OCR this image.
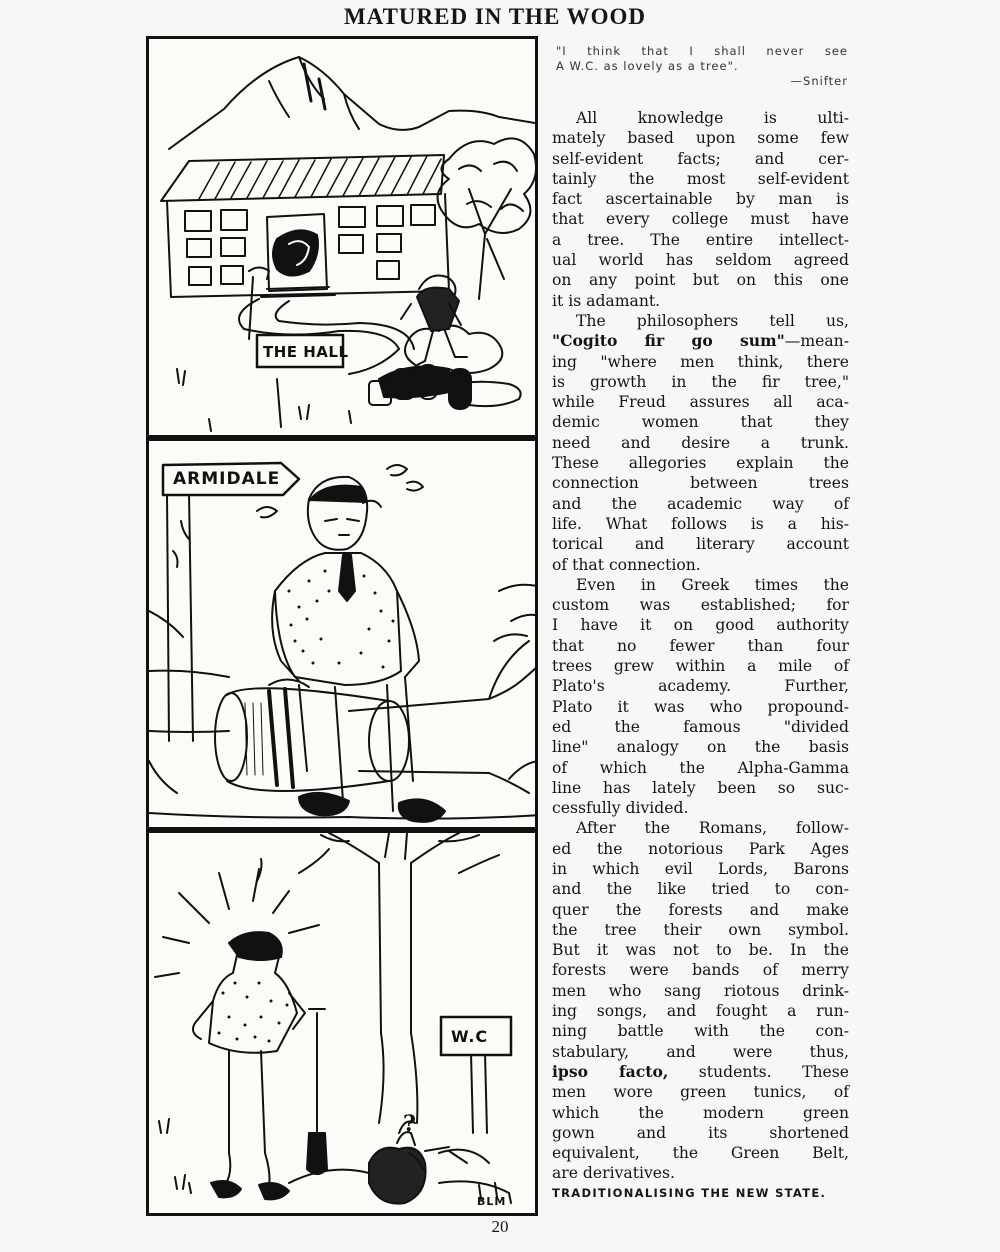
MATURED IN THE WOOD
THE HALL
ARMIDALE
?
W.C
BLM
"I think that I shall never see
A W.C. as lovely as a tree".
—Snifter
All knowledge is ulti-
mately based upon some few
self-evident facts; and cer-
tainly the most self-evident
fact ascertainable by man is
that every college must have
a tree. The entire intellect-
ual world has seldom agreed
on any point but on this one
it is adamant.
The philosophers tell us,
"Cogito fir go sum"—mean-
ing "where men think, there
is growth in the fir tree,"
while Freud assures all aca-
demic women that they
need and desire a trunk.
These allegories explain the
connection between trees
and the academic way of
life. What follows is a his-
torical and literary account
of that connection.
Even in Greek times the
custom was established; for
I have it on good authority
that no fewer than four
trees grew within a mile of
Plato's academy. Further,
Plato it was who propound-
ed the famous "divided
line" analogy on the basis
of which the Alpha-Gamma
line has lately been so suc-
cessfully divided.
After the Romans, follow-
ed the notorious Park Ages
in which evil Lords, Barons
and the like tried to con-
quer the forests and make
the tree their own symbol.
But it was not to be. In the
forests were bands of merry
men who sang riotous drink-
ing songs, and fought a run-
ning battle with the con-
stabulary, and were thus,
ipso facto, students. These
men wore green tunics, of
which the modern green
gown and its shortened
equivalent, the Green Belt,
are derivatives.
TRADITIONALISING THE NEW STATE.
20
